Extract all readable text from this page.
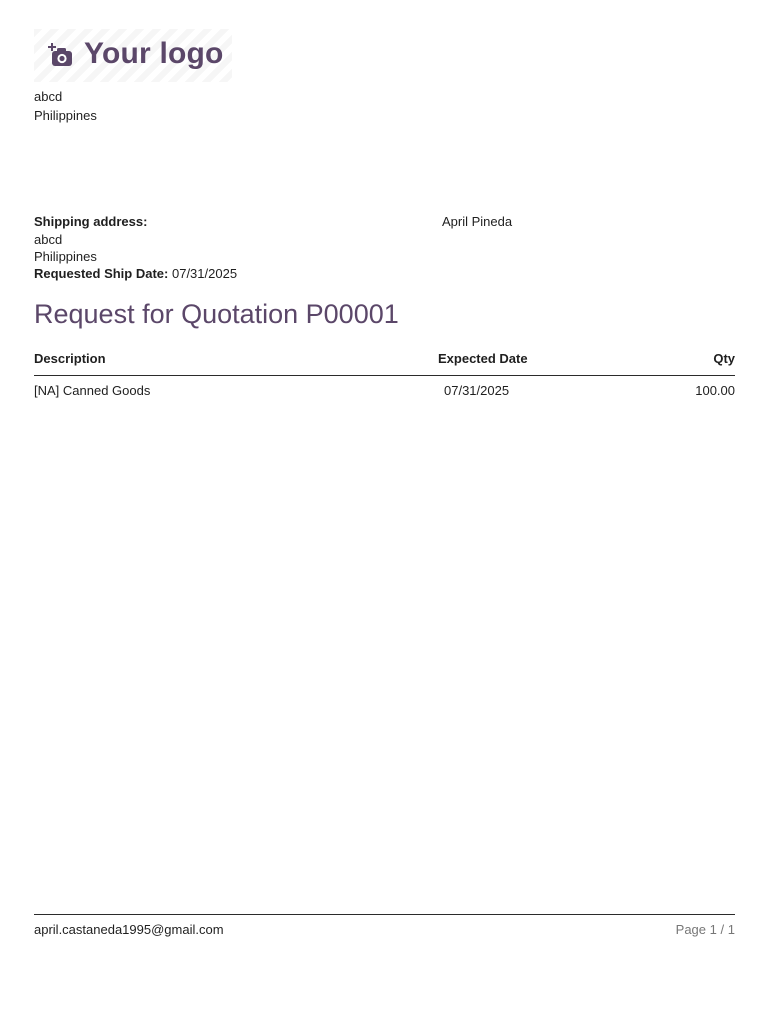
Your logo
abcd
Philippines
Shipping address:
abcd
Philippines
Requested Ship Date: 07/31/2025
April Pineda
Request for Quotation P00001
Description	Expected Date	Qty
[NA] Canned Goods	07/31/2025	100.00
april.castaneda1995@gmail.com	Page 1 / 1
